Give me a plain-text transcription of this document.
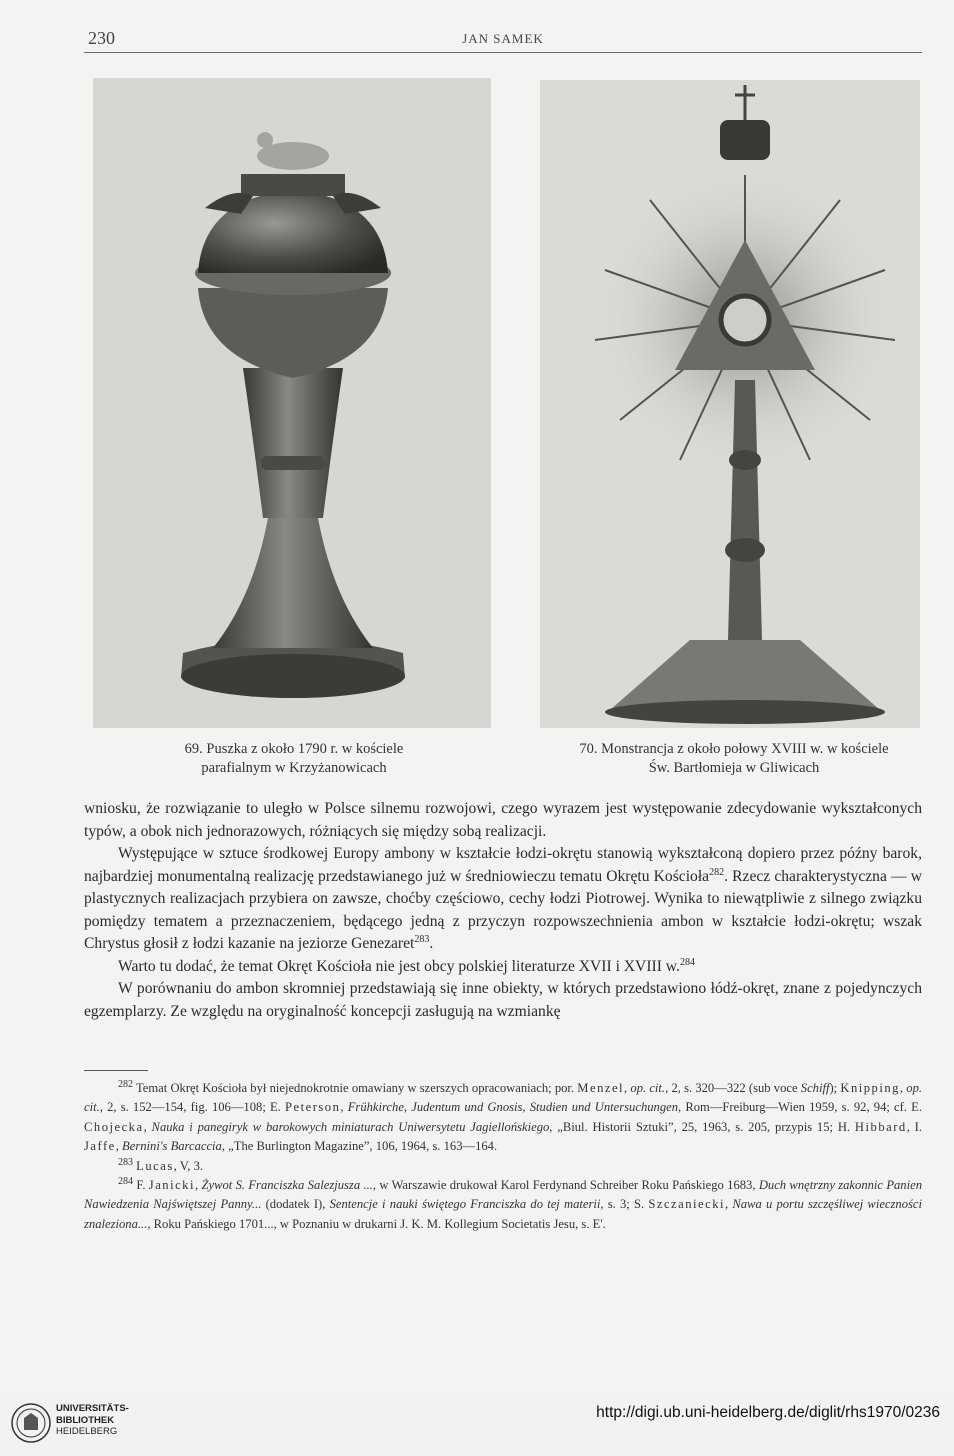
230	JAN SAMEK
69. Puszka z około 1790 r. w kościele
parafialnym w Krzyżanowicach
70. Monstrancja z około połowy XVIII w. w kościele
Św. Bartłomieja w Gliwicach

wniosku, że rozwiązanie to uległo w Polsce silnemu rozwojowi, czego wyrazem jest występowanie zdecydowanie wykształconych typów, a obok nich jednorazowych, różniących się między sobą realizacji.

Występujące w sztuce środkowej Europy ambony w kształcie łodzi-okrętu stanowią wykształconą dopiero przez późny barok, najbardziej monumentalną realizację przedstawianego już w średniowieczu tematu Okrętu Kościoła$^{282}$. Rzecz charakterystyczna — w plastycznych realizacjach przybiera on zawsze, choćby częściowo, cechy łodzi Piotrowej. Wynika to niewątpliwie z silnego związku pomiędzy tematem a przeznaczeniem, będącego jedną z przyczyn rozpowszechnienia ambon w kształcie łodzi-okrętu; wszak Chrystus głosił z łodzi kazanie na jeziorze Genezaret$^{283}$.

Warto tu dodać, że temat Okręt Kościoła nie jest obcy polskiej literaturze XVII i XVIII w.$^{284}$

W porównaniu do ambon skromniej przedstawiają się inne obiekty, w których przedstawiono łódź-okręt, znane z pojedynczych egzemplarzy. Ze względu na oryginalność koncepcji zasługują na wzmiankę

$^{282}$ Temat Okręt Kościoła był niejednokrotnie omawiany w szerszych opracowaniach; por. Menzel, op. cit., 2, s. 320—322 (sub voce Schiff); Knipping, op. cit., 2, s. 152—154, fig. 106—108; E. Peterson, Frühkirche, Judentum und Gnosis, Studien und Untersuchungen, Rom—Freiburg—Wien 1959, s. 92, 94; cf. E. Chojecka, Nauka i panegiryk w barokowych miniaturach Uniwersytetu Jagiellońskiego, „Biul. Historii Sztuki”, 25, 1963, s. 205, przypis 15; H. Hibbard, I. Jaffe, Bernini's Barcaccia, „The Burlington Magazine”, 106, 1964, s. 163—164.

$^{283}$ Lucas, V, 3.

$^{284}$ F. Janicki, Żywot S. Franciszka Salezjusza ..., w Warszawie drukował Karol Ferdynand Schreiber Roku Pańskiego 1683, Duch wnętrzny zakonnic Panien Nawiedzenia Najświętszej Panny... (dodatek I), Sentencje i nauki świętego Franciszka do tej materii, s. 3; S. Szczaniecki, Nawa u portu szczęśliwej wieczności znaleziona..., Roku Pańskiego 1701..., w Poznaniu w drukarni J. K. M. Kollegium Societatis Jesu, s. E'.

UNIVERSITÄTS-
BIBLIOTHEK
HEIDELBERG
http://digi.ub.uni-heidelberg.de/diglit/rhs1970/0236
